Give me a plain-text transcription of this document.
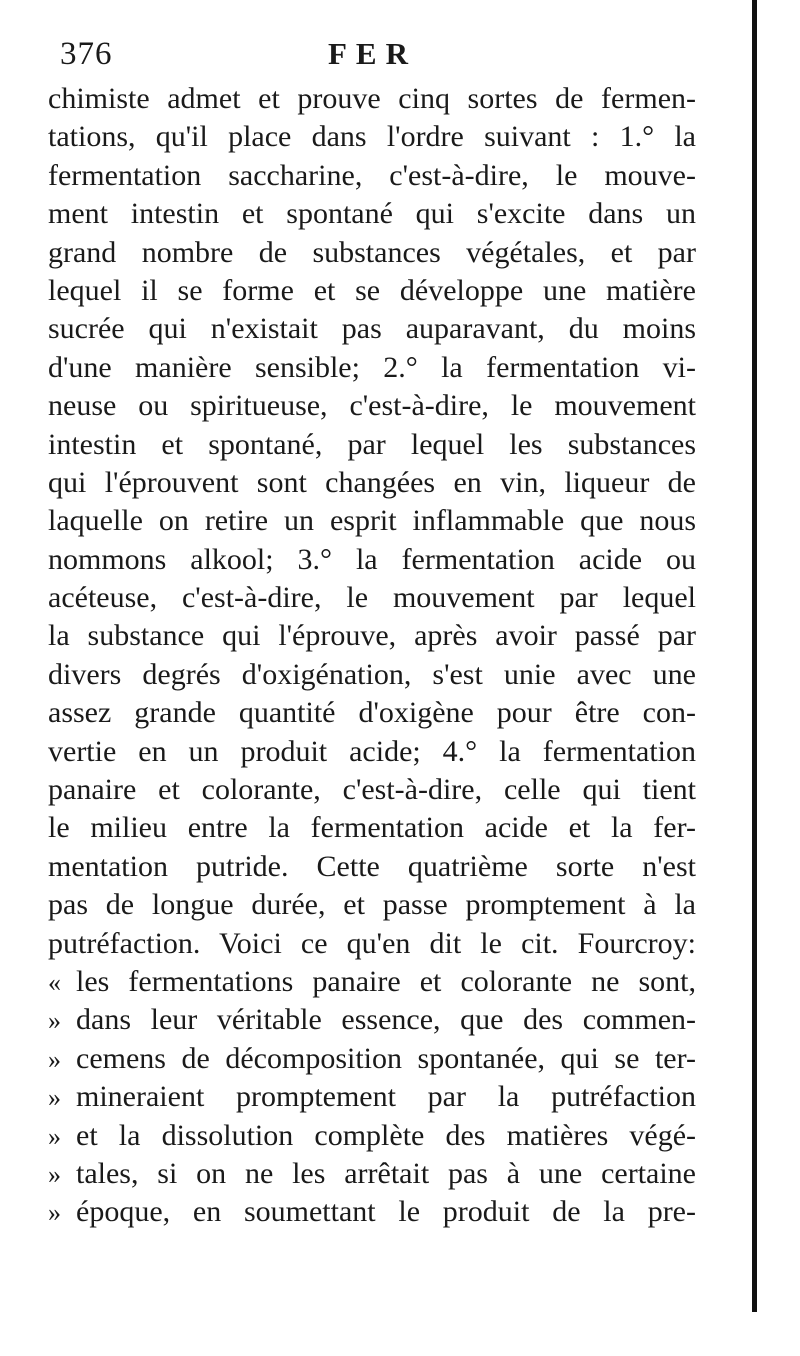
376	FER
chimiste admet et prouve cinq sortes de fermen-
tations, qu'il place dans l'ordre suivant : 1.° la
fermentation saccharine, c'est-à-dire, le mouve-
ment intestin et spontané qui s'excite dans un
grand nombre de substances végétales, et par
lequel il se forme et se développe une matière
sucrée qui n'existait pas auparavant, du moins
d'une manière sensible; 2.° la fermentation vi-
neuse ou spiritueuse, c'est-à-dire, le mouvement
intestin et spontané, par lequel les substances
qui l'éprouvent sont changées en vin, liqueur de
laquelle on retire un esprit inflammable que nous
nommons alkool; 3.° la fermentation acide ou
acéteuse, c'est-à-dire, le mouvement par lequel
la substance qui l'éprouve, après avoir passé par
divers degrés d'oxigénation, s'est unie avec une
assez grande quantité d'oxigène pour être con-
vertie en un produit acide; 4.° la fermentation
panaire et colorante, c'est-à-dire, celle qui tient
le milieu entre la fermentation acide et la fer-
mentation putride. Cette quatrième sorte n'est
pas de longue durée, et passe promptement à la
putréfaction. Voici ce qu'en dit le cit. Fourcroy:
« les fermentations panaire et colorante ne sont,
» dans leur véritable essence, que des commen-
» cemens de décomposition spontanée, qui se ter-
» mineraient promptement par la putréfaction
» et la dissolution complète des matières végé-
» tales, si on ne les arrêtait pas à une certaine
» époque, en soumettant le produit de la pre-
